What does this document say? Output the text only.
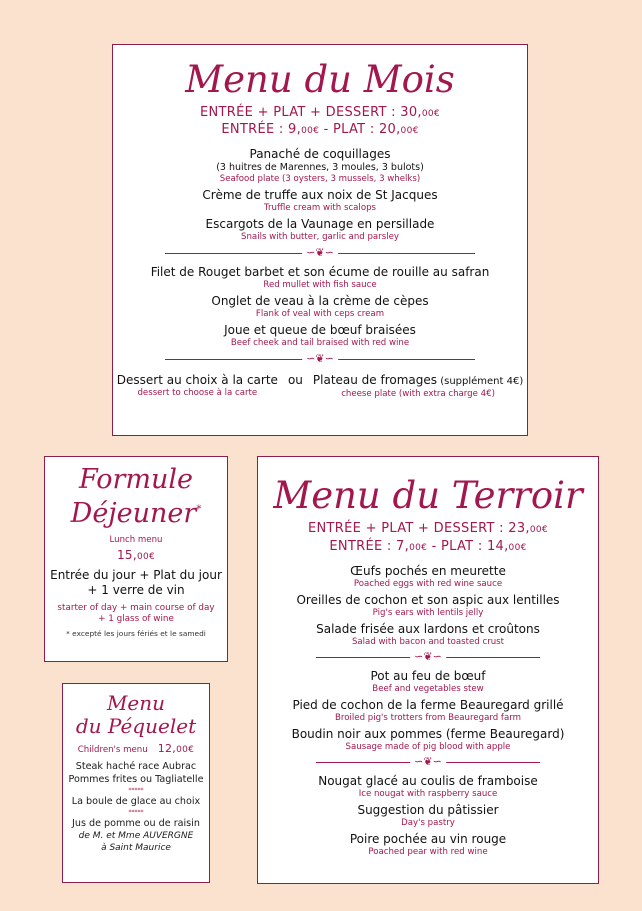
Menu du Mois
ENTRÉE + PLAT + DESSERT : 30,00€
ENTRÉE : 9,00€ - PLAT : 20,00€
Panaché de coquillages
(3 huitres de Marennes, 3 moules, 3 bulots)
Seafood plate (3 oysters, 3 mussels, 3 whelks)
Crème de truffe aux noix de St Jacques
Truffle cream with scalops
Escargots de la Vaunage en persillade
Snails with butter, garlic and parsley
∽❦∽
Filet de Rouget barbet et son écume de rouille au safran
Red mullet with fish sauce
Onglet de veau à la crème de cèpes
Flank of veal with ceps cream
Joue et queue de bœuf braisées
Beef cheek and tail braised with red wine
∽❦∽
Dessert au choix à la carte
dessert to choose à la carte
ou Plateau de fromages (supplément 4€)
cheese plate (with extra charge 4€)
Formule
Déjeuner*
Lunch menu
15,00€
Entrée du jour + Plat du jour
+ 1 verre de vin
starter of day + main course of day
+ 1 glass of wine
* excepté les jours fériés et le samedi
Menu
du Péquelet
Children's menu 12,00€
Steak haché race Aubrac
Pommes frites ou Tagliatelle
*****
La boule de glace au choix
*****
Jus de pomme ou de raisin
de M. et Mme AUVERGNE
à Saint Maurice
Menu du Terroir
ENTRÉE + PLAT + DESSERT : 23,00€
ENTRÉE : 7,00€ - PLAT : 14,00€
Œufs pochés en meurette
Poached eggs with red wine sauce
Oreilles de cochon et son aspic aux lentilles
Pig's ears with lentils jelly
Salade frisée aux lardons et croûtons
Salad with bacon and toasted crust
∽❦∽
Pot au feu de bœuf
Beef and vegetables stew
Pied de cochon de la ferme Beauregard grillé
Broiled pig's trotters from Beauregard farm
Boudin noir aux pommes (ferme Beauregard)
Sausage made of pig blood with apple
∽❦∽
Nougat glacé au coulis de framboise
Ice nougat with raspberry sauce
Suggestion du pâtissier
Day's pastry
Poire pochée au vin rouge
Poached pear with red wine
